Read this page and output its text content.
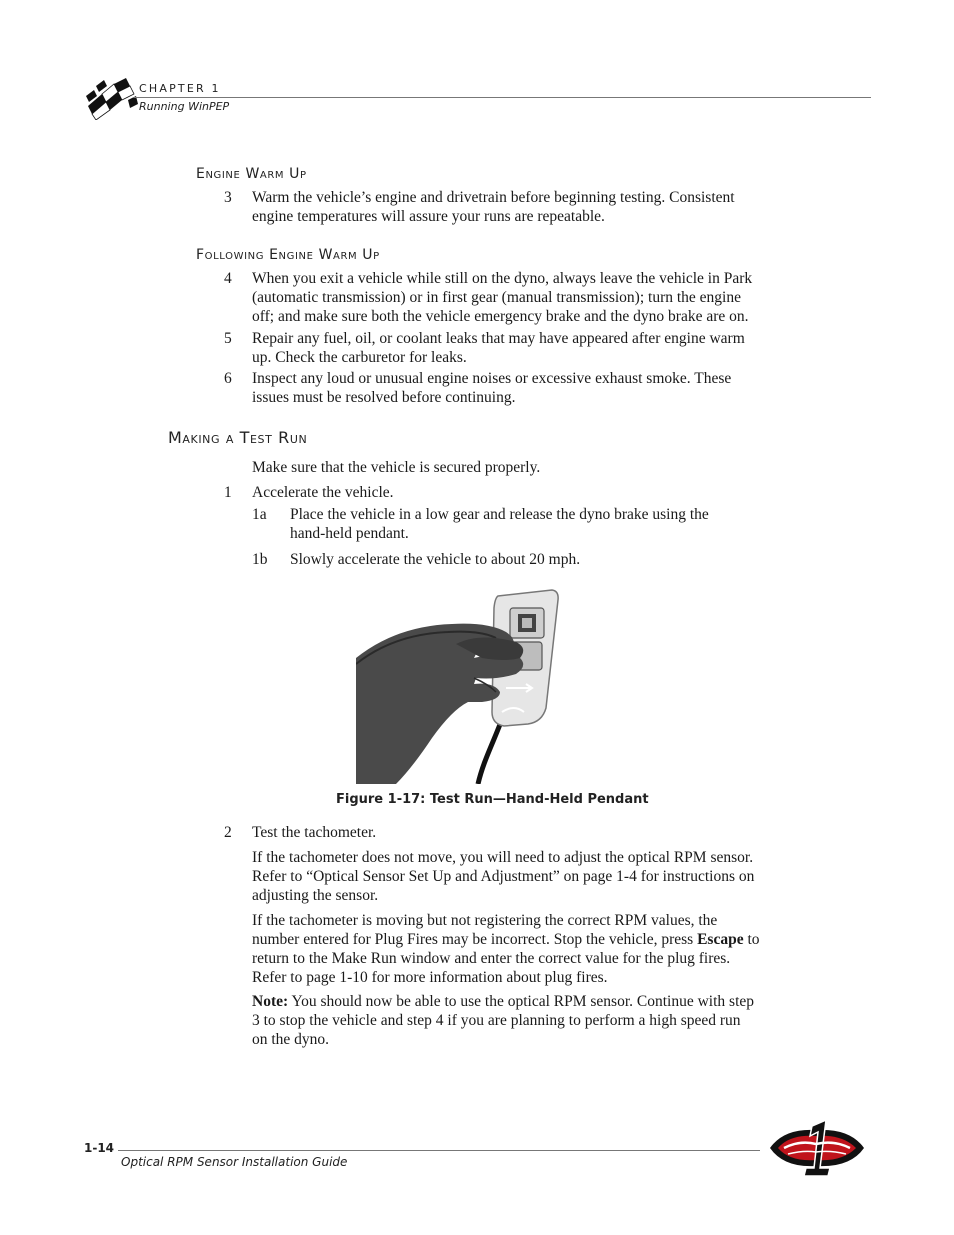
CHAPTER 1
Running WinPEP
Engine Warm Up
3 Warm the vehicle’s engine and drivetrain before beginning testing. Consistent
engine temperatures will assure your runs are repeatable.
Following Engine Warm Up
4 When you exit a vehicle while still on the dyno, always leave the vehicle in Park
(automatic transmission) or in first gear (manual transmission); turn the engine
off; and make sure both the vehicle emergency brake and the dyno brake are on.
5 Repair any fuel, oil, or coolant leaks that may have appeared after engine warm
up. Check the carburetor for leaks.
6 Inspect any loud or unusual engine noises or excessive exhaust smoke. These
issues must be resolved before continuing.
Making a Test Run
Make sure that the vehicle is secured properly.
1 Accelerate the vehicle.
1a Place the vehicle in a low gear and release the dyno brake using the
hand-held pendant.
1b Slowly accelerate the vehicle to about 20 mph.
Figure 1-17: Test Run—Hand-Held Pendant
2 Test the tachometer.
If the tachometer does not move, you will need to adjust the optical RPM sensor.
Refer to “Optical Sensor Set Up and Adjustment” on page 1-4 for instructions on
adjusting the sensor.
If the tachometer is moving but not registering the correct RPM values, the
number entered for Plug Fires may be incorrect. Stop the vehicle, press Escape to
return to the Make Run window and enter the correct value for the plug fires.
Refer to page 1-10 for more information about plug fires.
Note: You should now be able to use the optical RPM sensor. Continue with step
3 to stop the vehicle and step 4 if you are planning to perform a high speed run
on the dyno.
1-14
Optical RPM Sensor Installation Guide
